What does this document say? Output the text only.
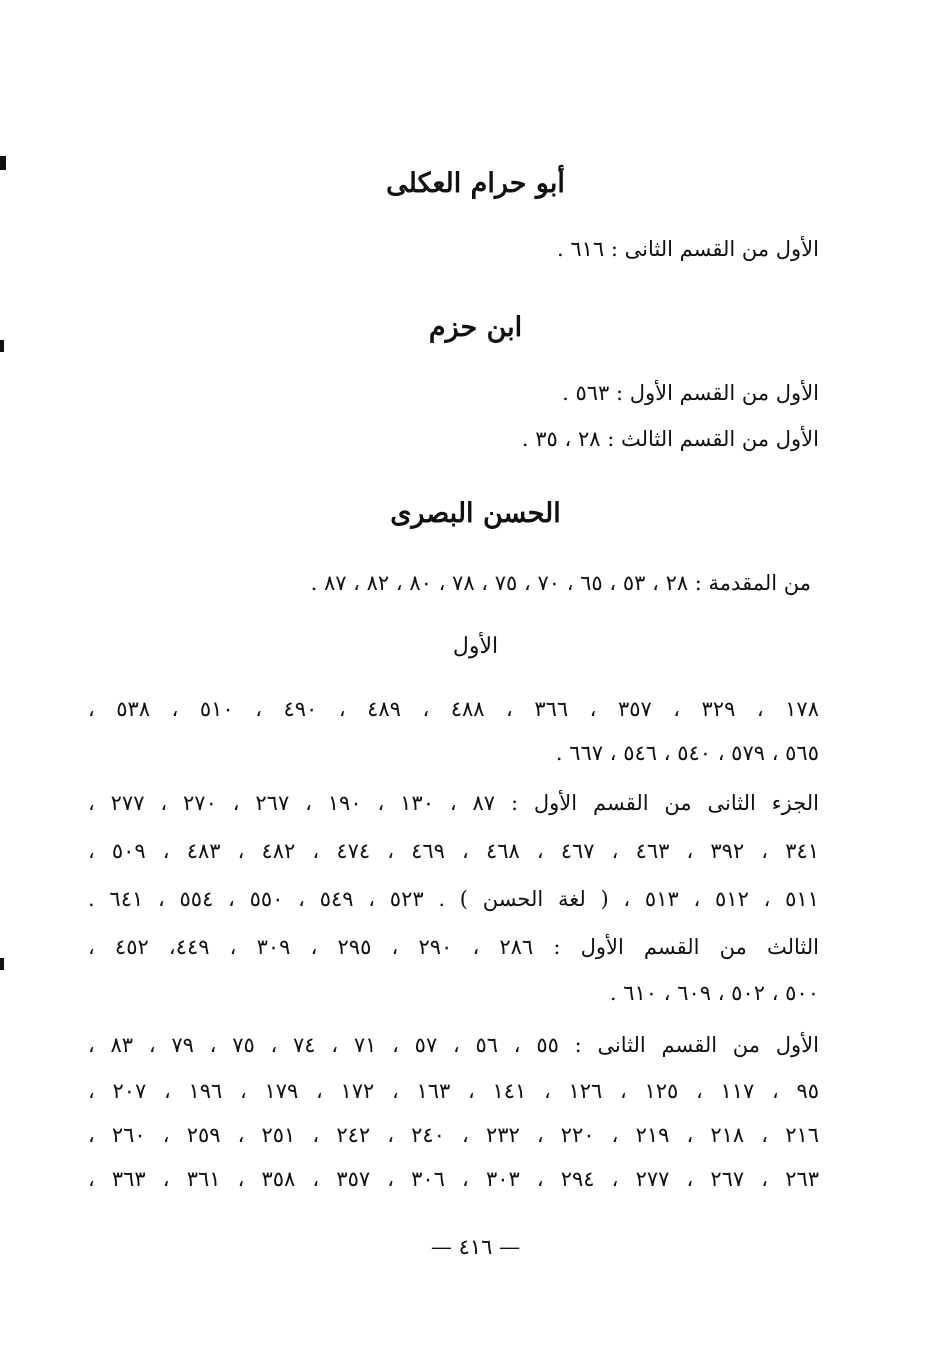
أبو حرام العكلى
الأول من القسم الثانى : ٦١٦ .
ابن حزم
الأول من القسم الأول : ٥٦٣ .
الأول من القسم الثالث : ٢٨ ، ٣٥ .
الحسن البصرى
من المقدمة : ٢٨ ، ٥٣ ، ٦٥ ، ٧٠ ، ٧٥ ، ٧٨ ، ٨٠ ، ٨٢ ، ٨٧ .
الأول
١٧٨ ، ٣٢٩ ، ٣٥٧ ، ٣٦٦ ، ٤٨٨ ، ٤٨٩ ، ٤٩٠ ، ٥١٠ ، ٥٣٨ ،
٥٦٥ ، ٥٧٩ ، ٥٤٠ ، ٥٤٦ ، ٦٦٧ .
الجزء الثانى من القسم الأول : ٨٧ ، ١٣٠ ، ١٩٠ ، ٢٦٧ ، ٢٧٠ ، ٢٧٧ ،
٣٤١ ، ٣٩٢ ، ٤٦٣ ، ٤٦٧ ، ٤٦٨ ، ٤٦٩ ، ٤٧٤ ، ٤٨٢ ، ٤٨٣ ، ٥٠٩ ،
٥١١ ، ٥١٢ ، ٥١٣ ، ( لغة الحسن ) . ٥٢٣ ، ٥٤٩ ، ٥٥٠ ، ٥٥٤ ، ٦٤١ .
الثالث من القسم الأول : ٢٨٦ ، ٢٩٠ ، ٢٩٥ ، ٣٠٩ ، ٤٤٩، ٤٥٢ ،
٥٠٠ ، ٥٠٢ ، ٦٠٩ ، ٦١٠ .
الأول من القسم الثانى : ٥٥ ، ٥٦ ، ٥٧ ، ٧١ ، ٧٤ ، ٧٥ ، ٧٩ ، ٨٣ ،
٩٥ ، ١١٧ ، ١٢٥ ، ١٢٦ ، ١٤١ ، ١٦٣ ، ١٧٢ ، ١٧٩ ، ١٩٦ ، ٢٠٧ ،
٢١٦ ، ٢١٨ ، ٢١٩ ، ٢٢٠ ، ٢٣٢ ، ٢٤٠ ، ٢٤٢ ، ٢٥١ ، ٢٥٩ ، ٢٦٠ ،
٢٦٣ ، ٢٦٧ ، ٢٧٧ ، ٢٩٤ ، ٣٠٣ ، ٣٠٦ ، ٣٥٧ ، ٣٥٨ ، ٣٦١ ، ٣٦٣ ،
— ٤١٦ —
